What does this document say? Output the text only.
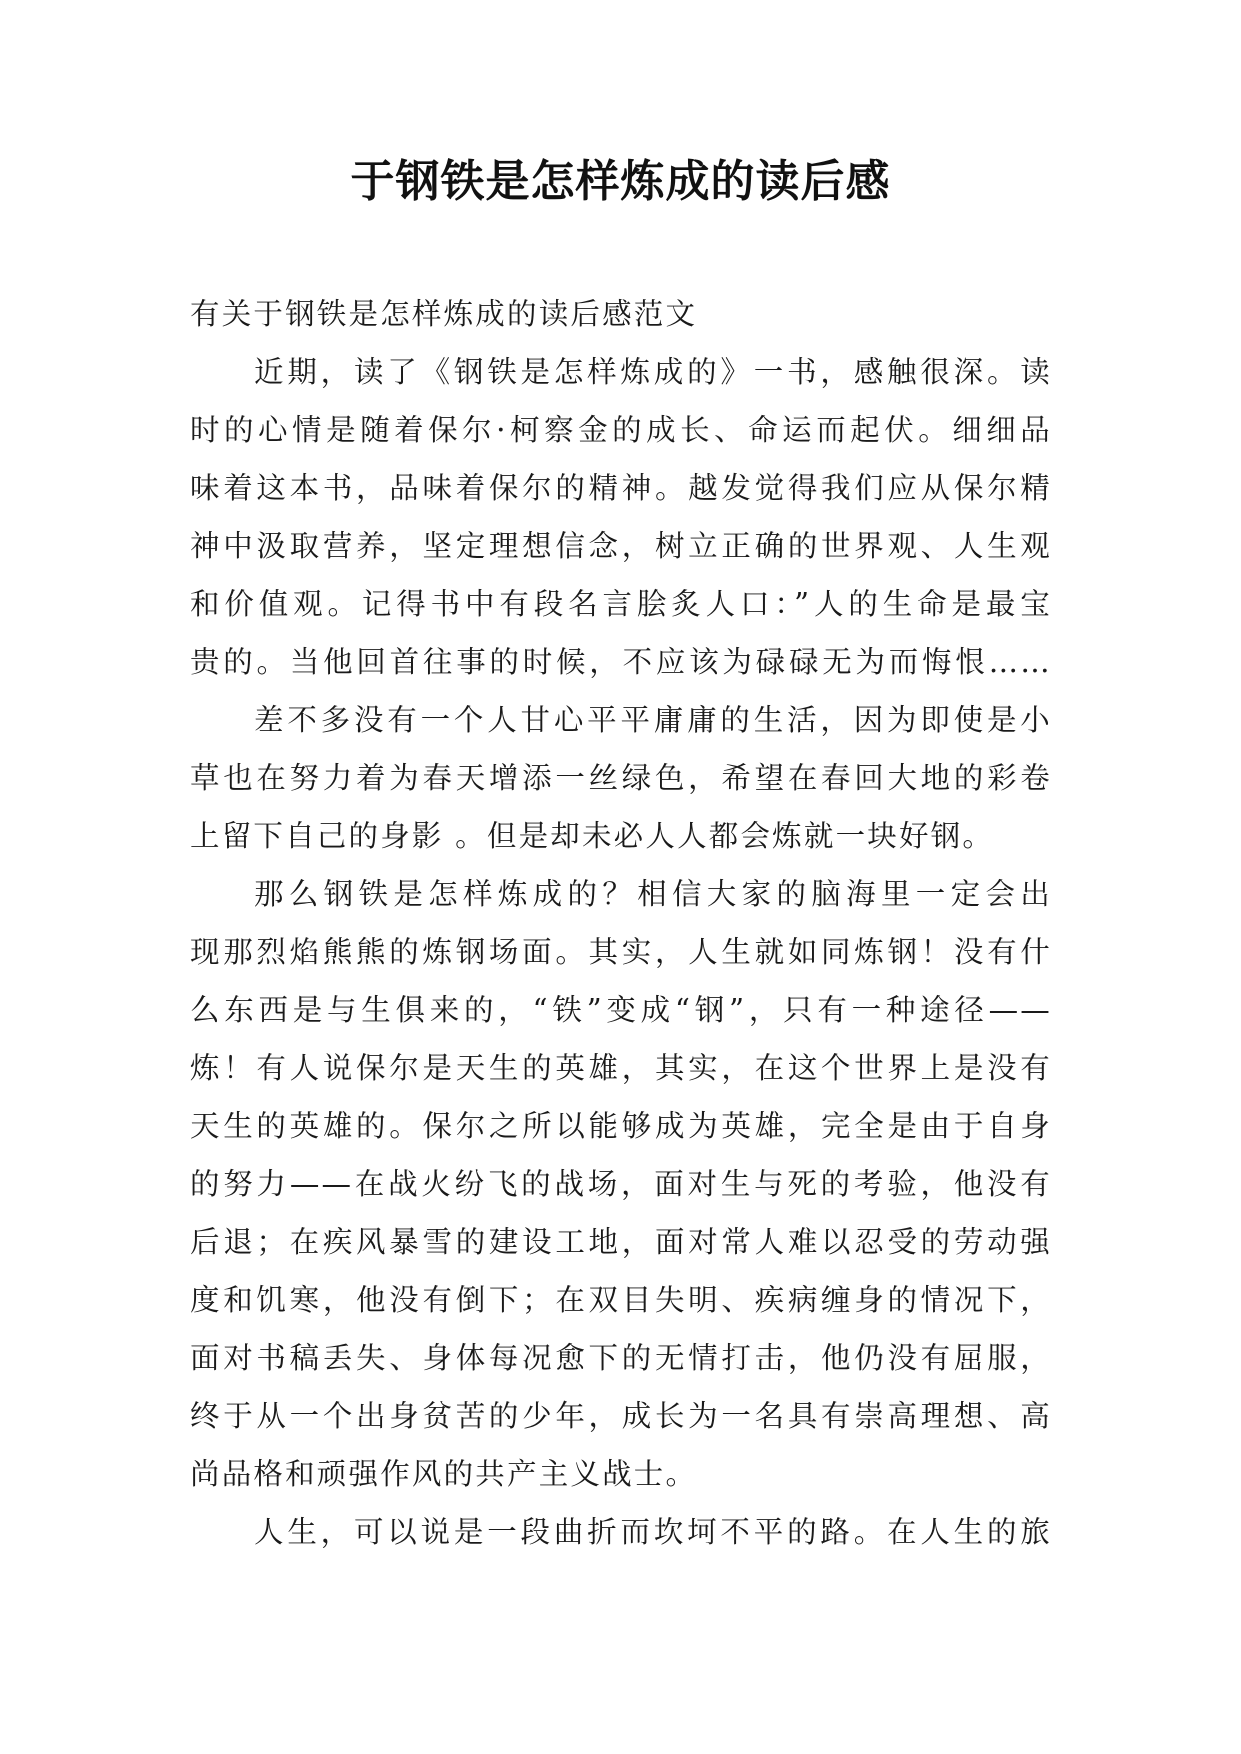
于钢铁是怎样炼成的读后感
有关于钢铁是怎样炼成的读后感范文
近期，读了《钢铁是怎样炼成的》一书，感触很深。读
时的心情是随着保尔·柯察金的成长、命运而起伏。细细品
味着这本书，品味着保尔的精神。越发觉得我们应从保尔精
神中汲取营养，坚定理想信念，树立正确的世界观、人生观
和价值观。记得书中有段名言脍炙人口：”人的生命是最宝
贵的。当他回首往事的时候，不应该为碌碌无为而悔恨……
差不多没有一个人甘心平平庸庸的生活，因为即使是小
草也在努力着为春天增添一丝绿色，希望在春回大地的彩卷
上留下自己的身影 。但是却未必人人都会炼就一块好钢。
那么钢铁是怎样炼成的？相信大家的脑海里一定会出
现那烈焰熊熊的炼钢场面。其实，人生就如同炼钢！没有什
么东西是与生俱来的，“铁”变成“钢”，只有一种途径——
炼！有人说保尔是天生的英雄，其实，在这个世界上是没有
天生的英雄的。保尔之所以能够成为英雄，完全是由于自身
的努力——在战火纷飞的战场，面对生与死的考验，他没有
后退；在疾风暴雪的建设工地，面对常人难以忍受的劳动强
度和饥寒，他没有倒下；在双目失明、疾病缠身的情况下，
面对书稿丢失、身体每况愈下的无情打击，他仍没有屈服，
终于从一个出身贫苦的少年，成长为一名具有崇高理想、高
尚品格和顽强作风的共产主义战士。
人生，可以说是一段曲折而坎坷不平的路。在人生的旅
